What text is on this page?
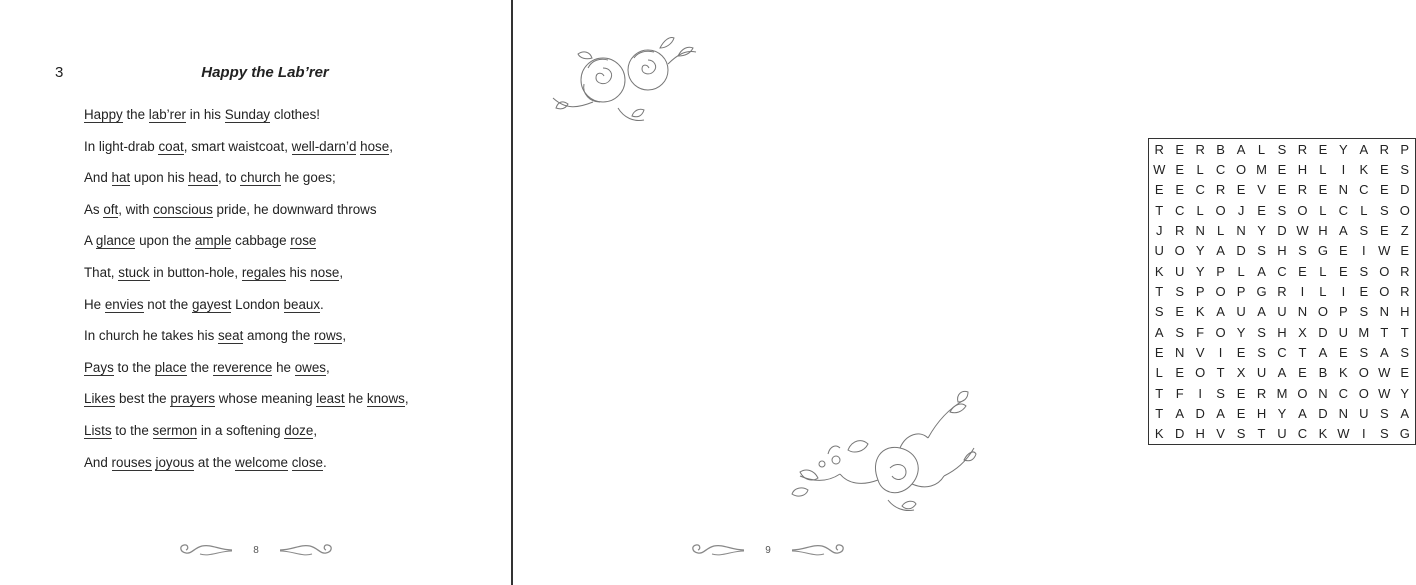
3	Happy the Lab’rer
Happy the lab’rer in his Sunday clothes!
In light-drab coat, smart waistcoat, well-darn’d hose,
And hat upon his head, to church he goes;
As oft, with conscious pride, he downward throws
A glance upon the ample cabbage rose
That, stuck in button-hole, regales his nose,
He envies not the gayest London beaux.
In church he takes his seat among the rows,
Pays to the place the reverence he owes,
Likes best the prayers whose meaning least he knows,
Lists to the sermon in a softening doze,
And rouses joyous at the welcome close.
8
R E R B A L S R E Y A R P
W E L C O M E H L	I	K E S
E E C R E V E R E N C E D
T C L O J E S O L C L S O
J R N L N Y D W H A S E Z
U O Y A D S H S G E	I W E
K U Y P L A C E L E S O R
T S P O P G R	I	L	I	E O R
S E K A U A U N O P S N H
A S F O Y S H X D U M T T
E N V	I	E S C T A E S A S
L E O T X U A E B K O W E
T F	I	S E R M O N C O W Y
T A D A E H Y A D N U S A
K D H V S T U C K W I	S G
9
